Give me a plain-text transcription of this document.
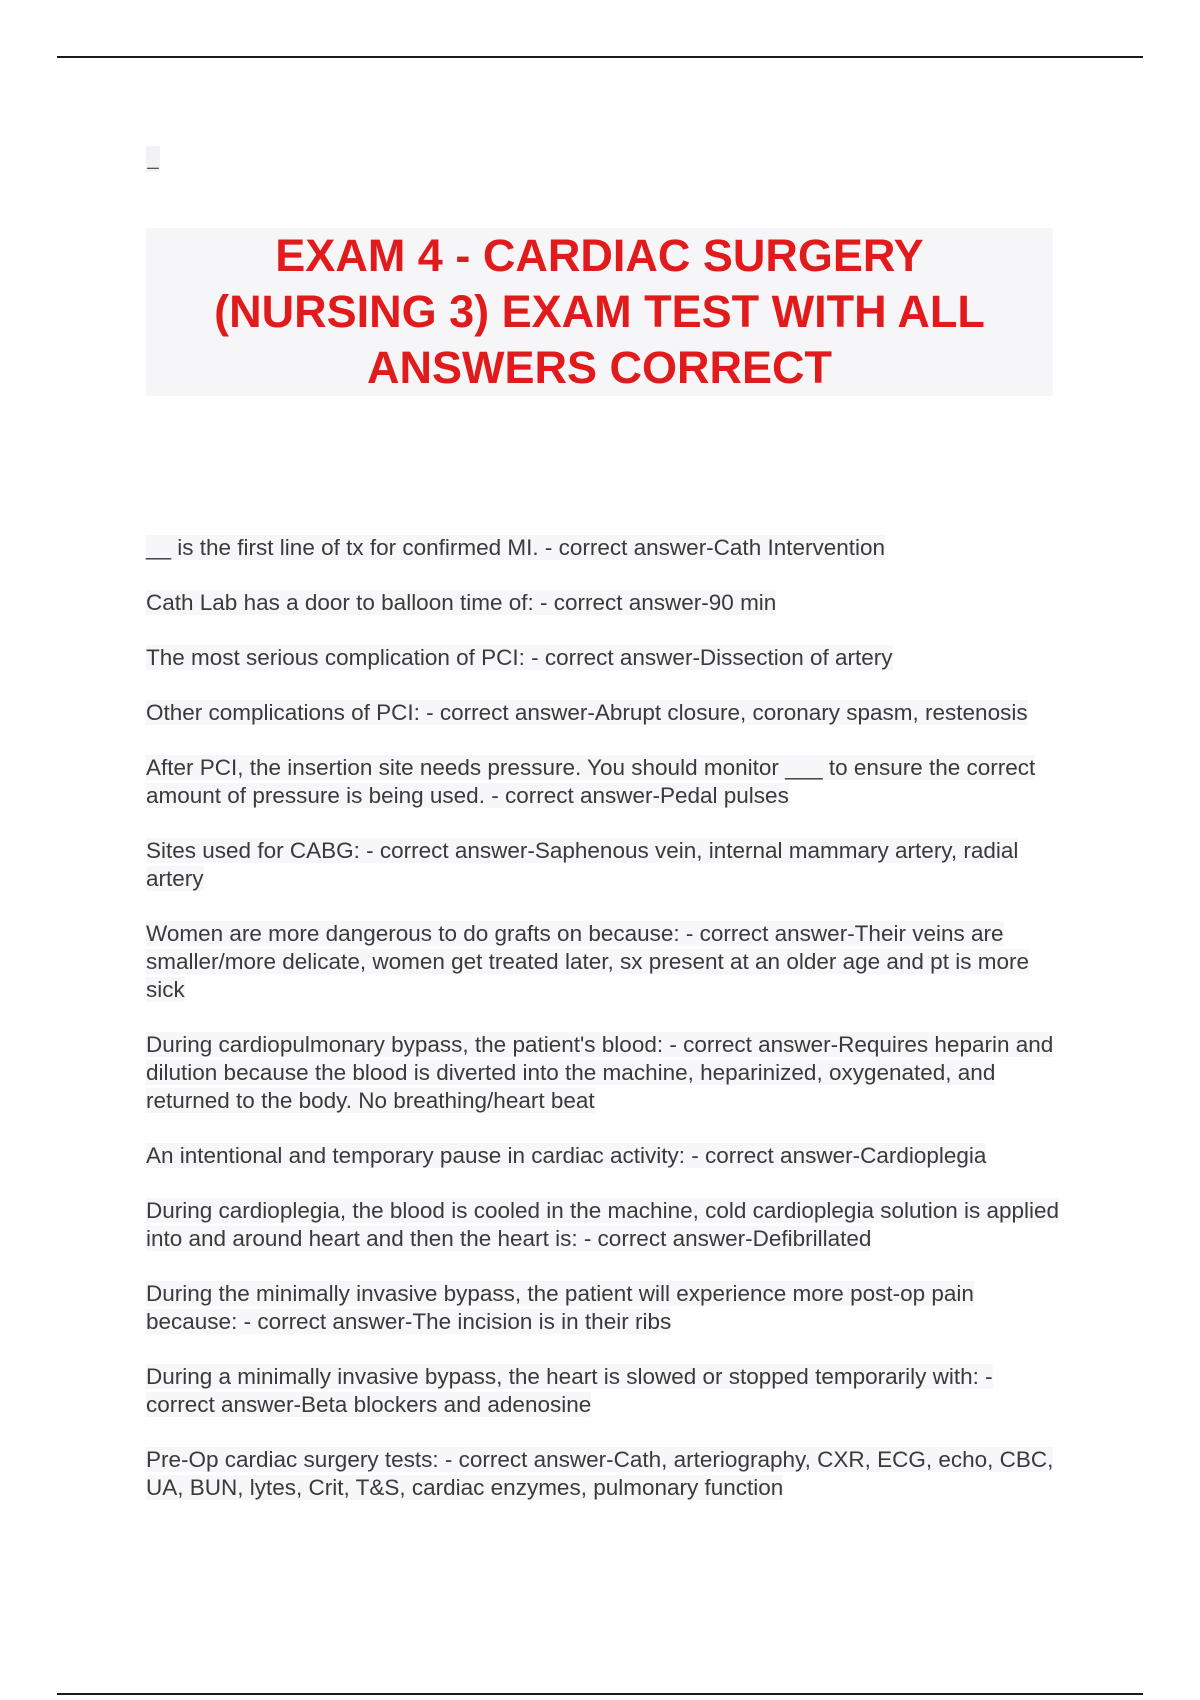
_
EXAM 4 - CARDIAC SURGERY (NURSING 3) EXAM TEST WITH ALL ANSWERS CORRECT
__ is the first line of tx for confirmed MI. - correct answer-Cath Intervention
Cath Lab has a door to balloon time of: - correct answer-90 min
The most serious complication of PCI: - correct answer-Dissection of artery
Other complications of PCI: - correct answer-Abrupt closure, coronary spasm, restenosis
After PCI, the insertion site needs pressure. You should monitor ___ to ensure the correct amount of pressure is being used. - correct answer-Pedal pulses
Sites used for CABG: - correct answer-Saphenous vein, internal mammary artery, radial artery
Women are more dangerous to do grafts on because: - correct answer-Their veins are smaller/more delicate, women get treated later, sx present at an older age and pt is more sick
During cardiopulmonary bypass, the patient's blood: - correct answer-Requires heparin and dilution because the blood is diverted into the machine, heparinized, oxygenated, and returned to the body. No breathing/heart beat
An intentional and temporary pause in cardiac activity: - correct answer-Cardioplegia
During cardioplegia, the blood is cooled in the machine, cold cardioplegia solution is applied into and around heart and then the heart is: - correct answer-Defibrillated
During the minimally invasive bypass, the patient will experience more post-op pain because: - correct answer-The incision is in their ribs
During a minimally invasive bypass, the heart is slowed or stopped temporarily with: - correct answer-Beta blockers and adenosine
Pre-Op cardiac surgery tests: - correct answer-Cath, arteriography, CXR, ECG, echo, CBC, UA, BUN, lytes, Crit, T&S, cardiac enzymes, pulmonary function
